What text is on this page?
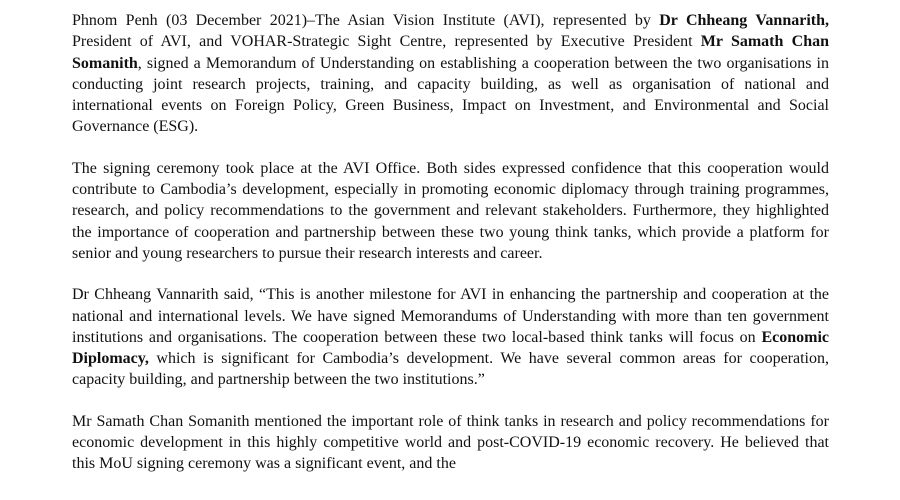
Phnom Penh (03 December 2021)–The Asian Vision Institute (AVI), represented by Dr Chheang Vannarith, President of AVI, and VOHAR-Strategic Sight Centre, represented by Executive President Mr Samath Chan Somanith, signed a Memorandum of Understanding on establishing a cooperation between the two organisations in conducting joint research projects, training, and capacity building, as well as organisation of national and international events on Foreign Policy, Green Business, Impact on Investment, and Environmental and Social Governance (ESG).

The signing ceremony took place at the AVI Office. Both sides expressed confidence that this cooperation would contribute to Cambodia’s development, especially in promoting economic diplomacy through training programmes, research, and policy recommendations to the government and relevant stakeholders. Furthermore, they highlighted the importance of cooperation and partnership between these two young think tanks, which provide a platform for senior and young researchers to pursue their research interests and career.

Dr Chheang Vannarith said, “This is another milestone for AVI in enhancing the partnership and cooperation at the national and international levels. We have signed Memorandums of Understanding with more than ten government institutions and organisations. The cooperation between these two local-based think tanks will focus on Economic Diplomacy, which is significant for Cambodia’s development. We have several common areas for cooperation, capacity building, and partnership between the two institutions.”

Mr Samath Chan Somanith mentioned the important role of think tanks in research and policy recommendations for economic development in this highly competitive world and post-COVID-19 economic recovery. He believed that this MoU signing ceremony was a significant event, and the
